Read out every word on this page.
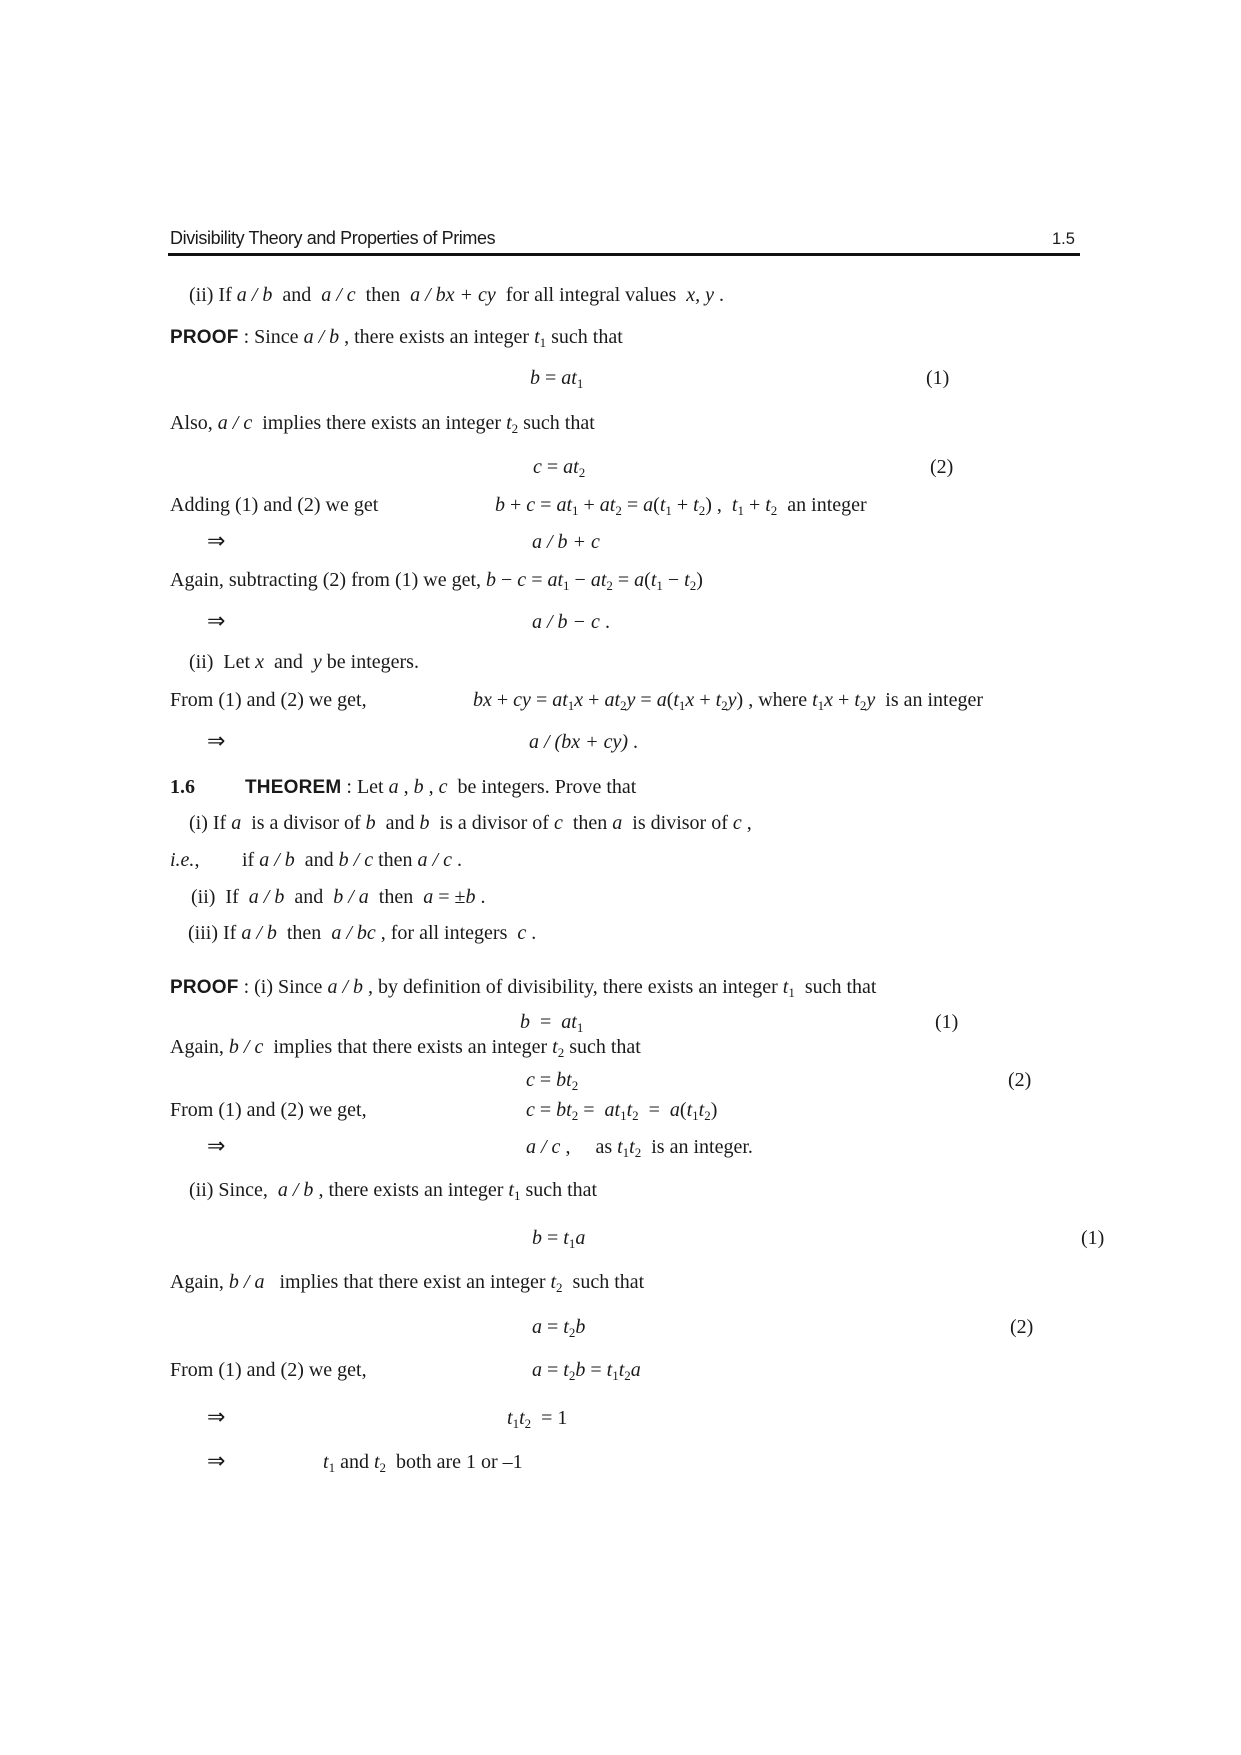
Divisibility Theory and Properties of Primes	1.5
(ii) If a / b  and  a / c  then  a / bx + cy  for all integral values  x, y .
PROOF : Since a / b , there exists an integer $t_1$ such that
$b = at_1$	(1)
Also, a / c  implies there exists an integer $t_2$ such that
$c = at_2$	(2)
Adding (1) and (2) we get	$b + c = at_1 + at_2 = a(t_1 + t_2)$ ,  $t_1 + t_2$  an integer
⇒	a / b + c
Again, subtracting (2) from (1) we get, $b - c = at_1 - at_2 = a(t_1 - t_2)$
⇒	a / b − c .
(ii)  Let x  and  y be integers.
From (1) and (2) we get,	bx + cy = $at_1x + at_2y = a(t_1x + t_2y)$ , where $t_1x + t_2y$  is an integer
⇒	a / (bx + cy) .
1.6	THEOREM : Let a , b , c  be integers. Prove that
(i) If a  is a divisor of b  and b  is a divisor of c  then a  is divisor of c ,
i.e., if a / b  and b / c then a / c .
(ii)  If  a / b  and  b / a  then  a = ±b .
(iii) If a / b  then  a / bc , for all integers  c .
PROOF : (i) Since a / b , by definition of divisibility, there exists an integer $t_1$  such that
$b = at_1$	(1)
Again, b / c  implies that there exists an integer $t_2$ such that
$c = bt_2$	(2)
From (1) and (2) we get,	$c = bt_2 = at_1t_2 = a(t_1t_2)$
⇒	a / c ,     as $t_1t_2$  is an integer.
(ii) Since,  a / b , there exists an integer $t_1$ such that
$b = t_1a$	(1)
Again, b / a   implies that there exist an integer $t_2$  such that
$a = t_2b$	(2)
From (1) and (2) we get,	$a = t_2b = t_1t_2a$
⇒	$t_1t_2 = 1$
⇒	$t_1$ and $t_2$  both are 1 or –1
